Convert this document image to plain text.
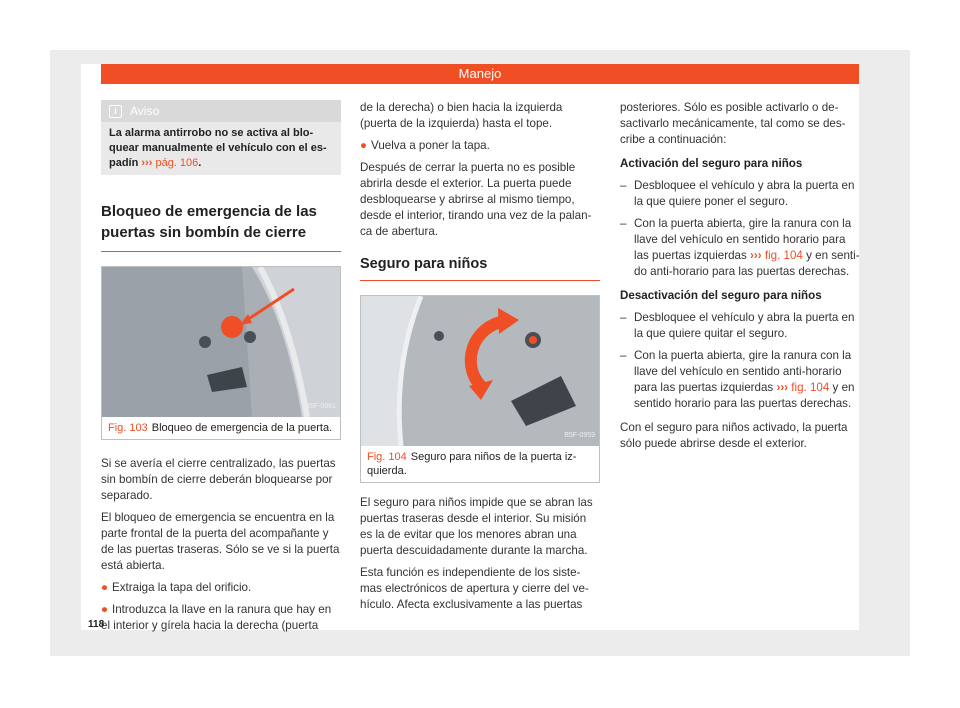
Manejo
i	Aviso
La alarma antirrobo no se activa al blo-quear manualmente el vehículo con el es-padín ››› pág. 106.
Bloqueo de emergencia de las puertas sin bombín de cierre
B5F-0961
Fig. 103 Bloqueo de emergencia de la puerta.

Si se avería el cierre centralizado, las puertas sin bombín de cierre deberán bloquearse por separado.

El bloqueo de emergencia se encuentra en la parte frontal de la puerta del acompañante y de las puertas traseras. Sólo se ve si la puerta está abierta.

● Extraiga la tapa del orificio.

● Introduzca la llave en la ranura que hay en el interior y gírela hacia la derecha (puerta

de la derecha) o bien hacia la izquierda (puerta de la izquierda) hasta el tope.

● Vuelva a poner la tapa.

Después de cerrar la puerta no es posible abrirla desde el exterior. La puerta puede desbloquearse y abrirse al mismo tiempo, desde el interior, tirando una vez de la palan-ca de abertura.

Seguro para niños
B5F-0959
Fig. 104 Seguro para niños de la puerta iz-quierda.

El seguro para niños impide que se abran las puertas traseras desde el interior. Su misión es la de evitar que los menores abran una puerta descuidadamente durante la marcha.

Esta función es independiente de los siste-mas electrónicos de apertura y cierre del ve-hículo. Afecta exclusivamente a las puertas

posteriores. Sólo es posible activarlo o de-sactivarlo mecánicamente, tal como se des-cribe a continuación:

Activación del seguro para niños

– Desbloquee el vehículo y abra la puerta en la que quiere poner el seguro.

– Con la puerta abierta, gire la ranura con la llave del vehículo en sentido horario para las puertas izquierdas ››› fig. 104 y en senti-do anti-horario para las puertas derechas.

Desactivación del seguro para niños

– Desbloquee el vehículo y abra la puerta en la que quiere quitar el seguro.

– Con la puerta abierta, gire la ranura con la llave del vehículo en sentido anti-horario para las puertas izquierdas ››› fig. 104 y en sentido horario para las puertas derechas.

Con el seguro para niños activado, la puerta sólo puede abrirse desde el exterior.

118
